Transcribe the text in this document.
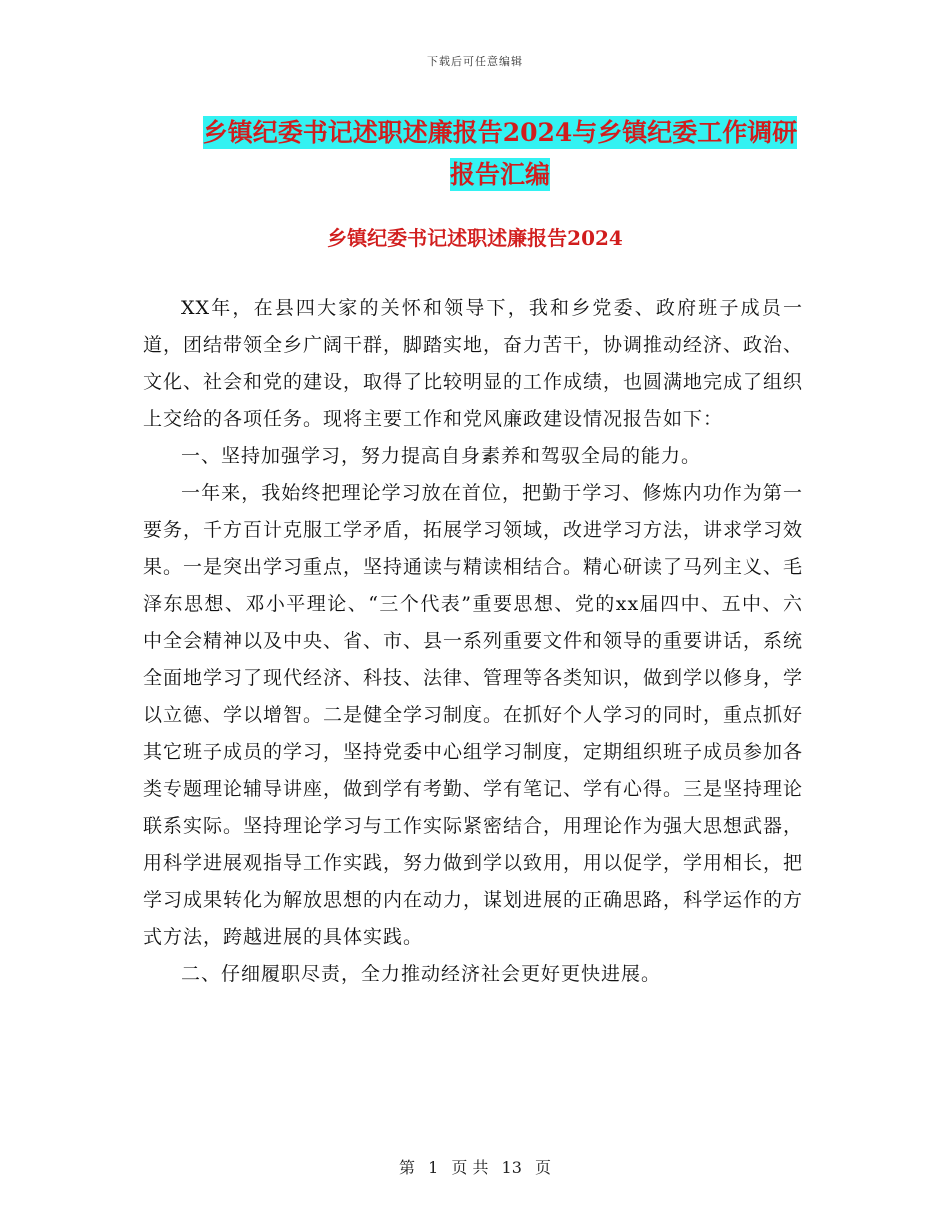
下载后可任意编辑
乡镇纪委书记述职述廉报告2024与乡镇纪委工作调研
报告汇编
乡镇纪委书记述职述廉报告2024

XX年，在县四大家的关怀和领导下，我和乡党委、政府班子成员一道，团结带领全乡广阔干群，脚踏实地，奋力苦干，协调推动经济、政治、文化、社会和党的建设，取得了比较明显的工作成绩，也圆满地完成了组织上交给的各项任务。现将主要工作和党风廉政建设情况报告如下：

一、坚持加强学习，努力提高自身素养和驾驭全局的能力。

一年来，我始终把理论学习放在首位，把勤于学习、修炼内功作为第一要务，千方百计克服工学矛盾，拓展学习领域，改进学习方法，讲求学习效果。一是突出学习重点，坚持通读与精读相结合。精心研读了马列主义、毛泽东思想、邓小平理论、“三个代表”重要思想、党的xx届四中、五中、六中全会精神以及中央、省、市、县一系列重要文件和领导的重要讲话，系统全面地学习了现代经济、科技、法律、管理等各类知识，做到学以修身，学以立德、学以增智。二是健全学习制度。在抓好个人学习的同时，重点抓好其它班子成员的学习，坚持党委中心组学习制度，定期组织班子成员参加各类专题理论辅导讲座，做到学有考勤、学有笔记、学有心得。三是坚持理论联系实际。坚持理论学习与工作实际紧密结合，用理论作为强大思想武器，用科学进展观指导工作实践，努力做到学以致用，用以促学，学用相长，把学习成果转化为解放思想的内在动力，谋划进展的正确思路，科学运作的方式方法，跨越进展的具体实践。

二、仔细履职尽责，全力推动经济社会更好更快进展。

第 1 页 共 13 页
